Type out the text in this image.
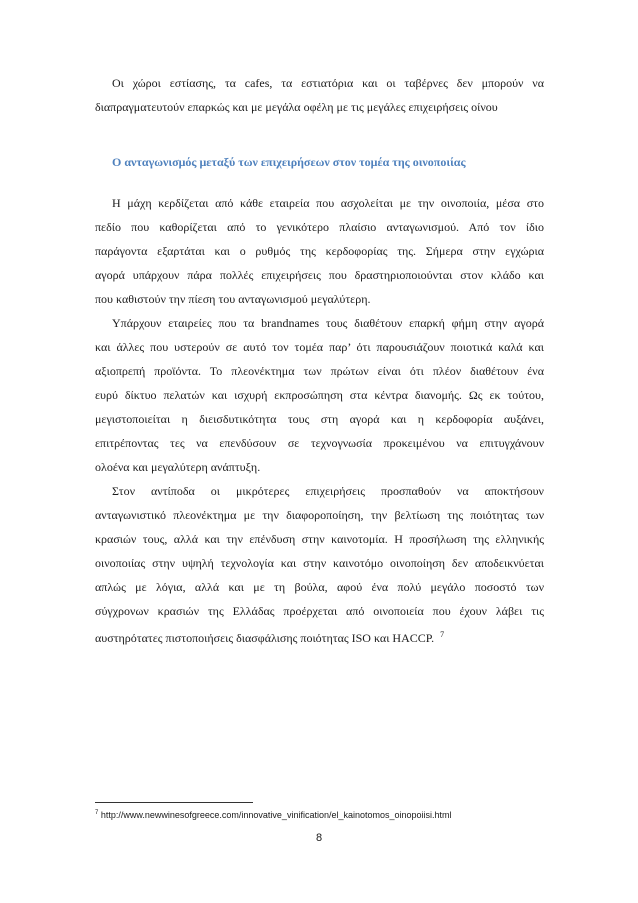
Οι χώροι εστίασης, τα cafes, τα εστιατόρια και οι ταβέρνες δεν μπορούν να
διαπραγματευτούν επαρκώς και με μεγάλα οφέλη με τις μεγάλες επιχειρήσεις οίνου
Ο ανταγωνισμός μεταξύ των επιχειρήσεων στον τομέα της οινοποιίας
Η μάχη κερδίζεται από κάθε εταιρεία που ασχολείται με την οινοποιία, μέσα στο
πεδίο που καθορίζεται από το γενικότερο πλαίσιο ανταγωνισμού. Από τον ίδιο
παράγοντα εξαρτάται και ο ρυθμός της κερδοφορίας της. Σήμερα στην εγχώρια
αγορά υπάρχουν πάρα πολλές επιχειρήσεις που δραστηριοποιούνται στον κλάδο και
που καθιστούν την πίεση του ανταγωνισμού μεγαλύτερη.
Υπάρχουν εταιρείες που τα brandnames τους διαθέτουν επαρκή φήμη στην αγορά
και άλλες που υστερούν σε αυτό τον τομέα παρ’ ότι παρουσιάζουν ποιοτικά καλά και
αξιοπρεπή προϊόντα. Το πλεονέκτημα των πρώτων είναι ότι πλέον διαθέτουν ένα
ευρύ δίκτυο πελατών και ισχυρή εκπροσώπηση στα κέντρα διανομής. Ως εκ τούτου,
μεγιστοποιείται η διεισδυτικότητα τους στη αγορά και η κερδοφορία αυξάνει,
επιτρέποντας τες να επενδύσουν σε τεχνογνωσία προκειμένου να επιτυγχάνουν
ολοένα και μεγαλύτερη ανάπτυξη.
Στον αντίποδα οι μικρότερες επιχειρήσεις προσπαθούν να αποκτήσουν
ανταγωνιστικό πλεονέκτημα με την διαφοροποίηση, την βελτίωση της ποιότητας των
κρασιών τους, αλλά και την επένδυση στην καινοτομία. Η προσήλωση της ελληνικής
οινοποιίας στην υψηλή τεχνολογία και στην καινοτόμο οινοποίηση δεν αποδεικνύεται
απλώς με λόγια, αλλά και με τη βούλα, αφού ένα πολύ μεγάλο ποσοστό των
σύγχρονων κρασιών της Ελλάδας προέρχεται από οινοποιεία που έχουν λάβει τις
αυστηρότατες πιστοποιήσεις διασφάλισης ποιότητας ISO και HACCP. $^7$
$^7$ http://www.newwinesofgreece.com/innovative_vinification/el_kainotomos_oinopoiisi.html
8
